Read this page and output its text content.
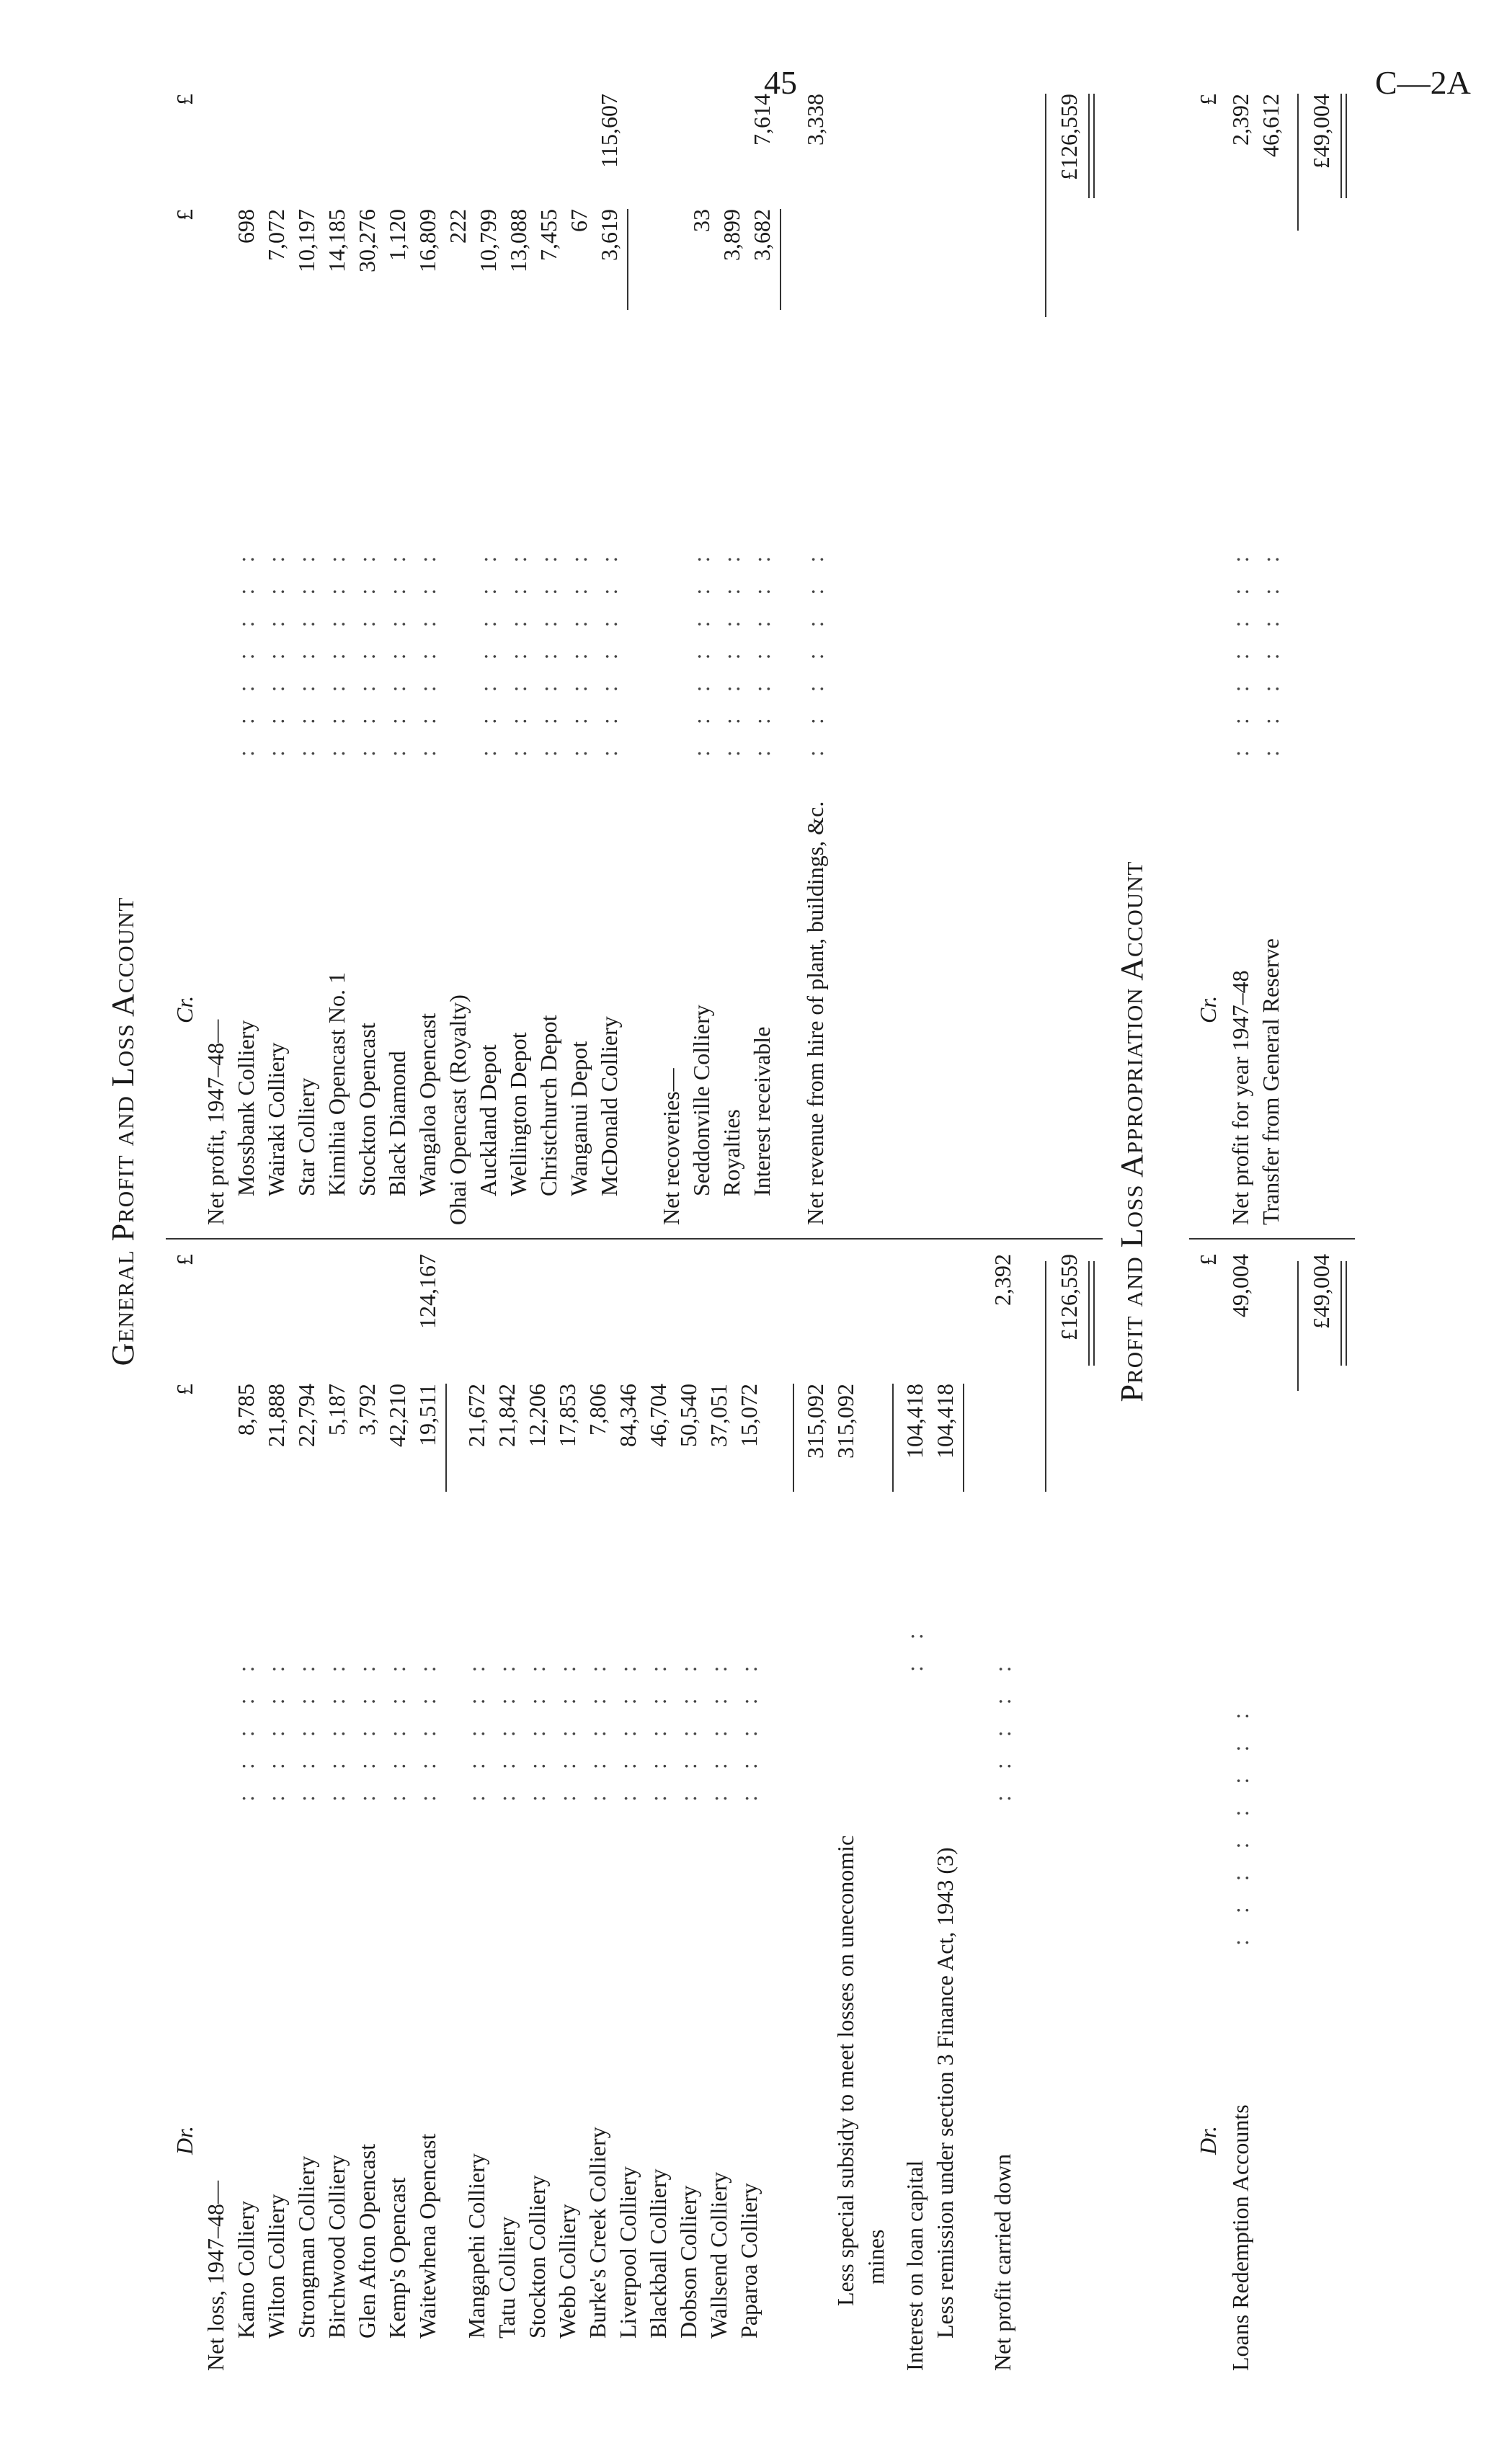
45	C—2A
General Profit and Loss Account
Dr.
£
£
Net loss, 1947–48— Kamo Colliery
: : : : :
8,785
Wilton Colliery
: : : : :
21,888
Strongman Colliery
: : : : :
22,794
Birchwood Colliery
: : : : :
5,187
Glen Afton Opencast
: : : : :
3,792
Kemp's Opencast
: : : : :
42,210
Waitewhena Opencast
: : : : :
19,511
124,167
Mangapehi Colliery
: : : : :
21,672
Tatu Colliery
: : : : :
21,842
Stockton Colliery
: : : : :
12,206
Webb Colliery
: : : : :
17,853
Burke's Creek Colliery
: : : : :
7,806
Liverpool Colliery
: : : : :
84,346
Blackball Colliery
: : : : :
46,704
Dobson Colliery
: : : : :
50,540
Wallsend Colliery
: : : : :
37,051
Paparoa Colliery
: : : : :
15,072 315,092
Less special subsidy to meet losses on uneconomic
315,092
mines Interest on loan capital
: :
104,418
Less remission under section 3 Finance Act, 1943 (3)
104,418
Net profit carried down
: : : : :
2,392 £126,559
Cr.
£
£
Net profit, 1947–48— Mossbank Colliery
: : : : : : :
698
Wairaki Colliery
: : : : : : :
7,072
Star Colliery
: : : : : : :
10,197
Kimihia Opencast No. 1
: : : : : : :
14,185
Stockton Opencast
: : : : : : :
30,276
Black Diamond
: : : : : : :
1,120
Wangaloa Opencast
: : : : : : :
16,809
Ohai Opencast (Royalty)
222
Auckland Depot
: : : : : : :
10,799
Wellington Depot
: : : : : : :
13,088
Christchurch Depot
: : : : : : :
7,455
Wanganui Depot
: : : : : : :
67
McDonald Colliery
: : : : : : :
3,619
115,607
Net recoveries— Seddonville Colliery
: : : : : : :
33
Royalties
: : : : : : :
3,899
Interest receivable
: : : : : : :
3,682
7,614
Net revenue from hire of plant, buildings, &c.
: : : : : : :
3,338	£126,559
Profit and Loss Appropriation Account
Dr.
£
Loans Redemption Accounts
: : : : : : : :
49,004 £49,004
Cr.
£
Net profit for year 1947–48
: : : : : : :
2,392
Transfer from General Reserve
: : : : : : :
46,612 £49,004
